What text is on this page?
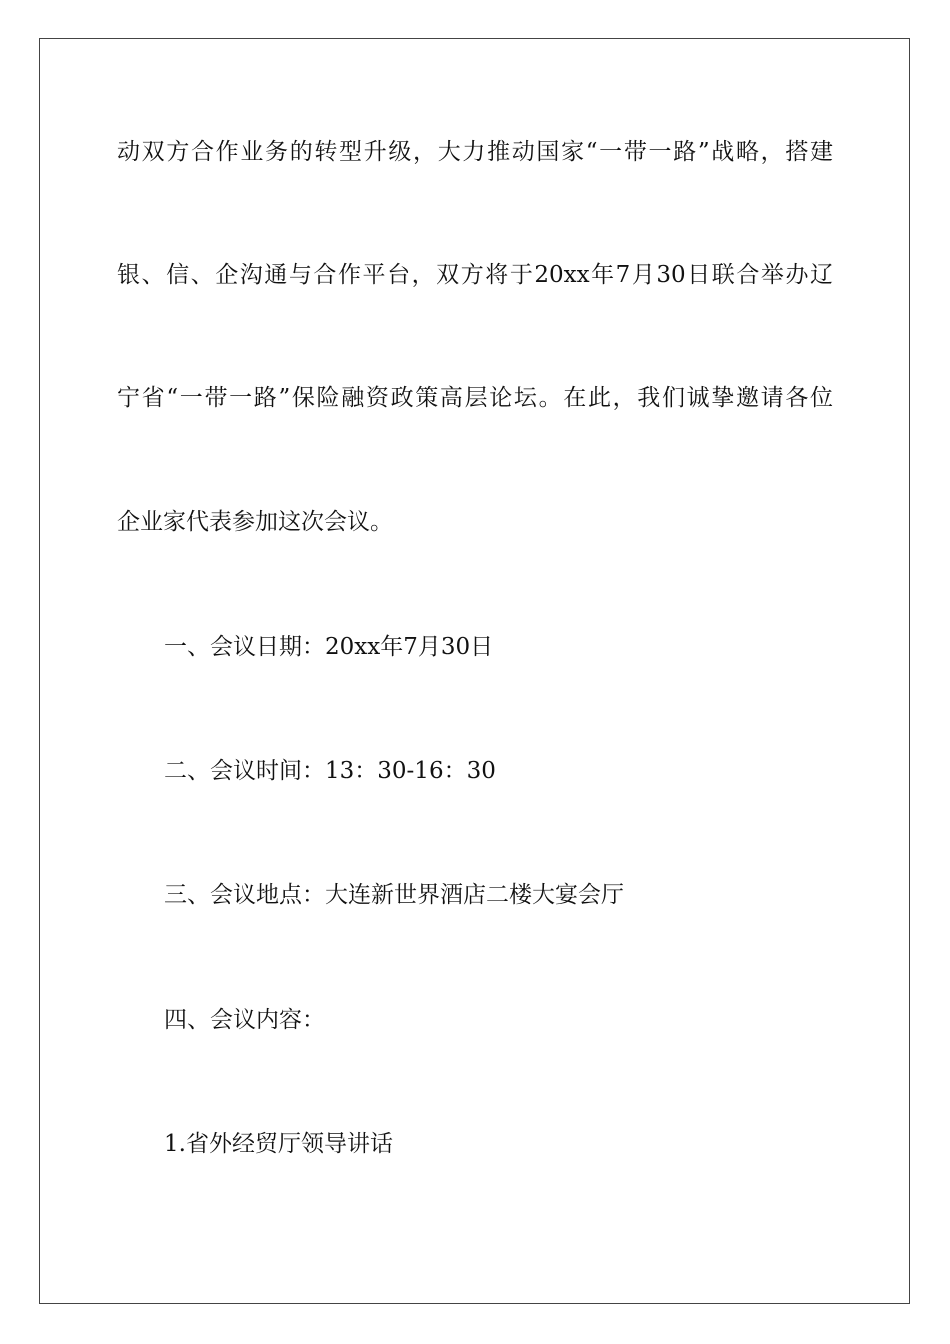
动双方合作业务的转型升级，大力推动国家“一带一路”战略，搭建
银、信、企沟通与合作平台，双方将于20xx年7月30日联合举办辽
宁省“一带一路”保险融资政策高层论坛。在此，我们诚挚邀请各位
企业家代表参加这次会议。
一、会议日期：20xx年7月30日
二、会议时间：13：30-16：30
三、会议地点：大连新世界酒店二楼大宴会厅
四、会议内容：
1.省外经贸厅领导讲话
